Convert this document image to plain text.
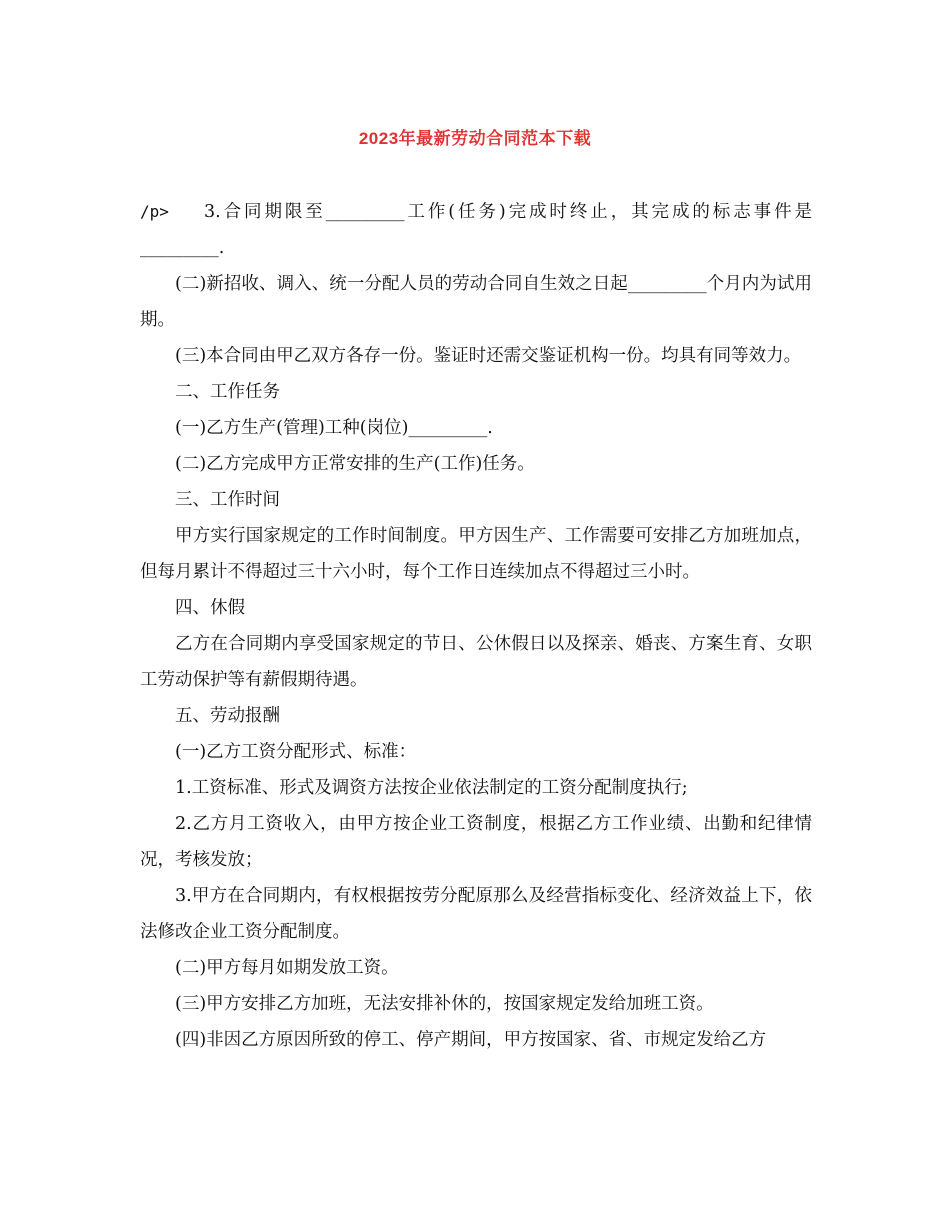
2023年最新劳动合同范本下载

/p> 3.合同期限至_________工作(任务)完成时终止，其完成的标志事件是_________.

(二)新招收、调入、统一分配人员的劳动合同自生效之日起_________个月内为试用期。

(三)本合同由甲乙双方各存一份。鉴证时还需交鉴证机构一份。均具有同等效力。

二、工作任务

(一)乙方生产(管理)工种(岗位)_________.

(二)乙方完成甲方正常安排的生产(工作)任务。

三、工作时间

甲方实行国家规定的工作时间制度。甲方因生产、工作需要可安排乙方加班加点，但每月累计不得超过三十六小时，每个工作日连续加点不得超过三小时。

四、休假

乙方在合同期内享受国家规定的节日、公休假日以及探亲、婚丧、方案生育、女职工劳动保护等有薪假期待遇。

五、劳动报酬

(一)乙方工资分配形式、标准：

1.工资标准、形式及调资方法按企业依法制定的工资分配制度执行;

2.乙方月工资收入，由甲方按企业工资制度，根据乙方工作业绩、出勤和纪律情况，考核发放；

3.甲方在合同期内，有权根据按劳分配原那么及经营指标变化、经济效益上下，依法修改企业工资分配制度。

(二)甲方每月如期发放工资。

(三)甲方安排乙方加班，无法安排补休的，按国家规定发给加班工资。

(四)非因乙方原因所致的停工、停产期间，甲方按国家、省、市规定发给乙方
